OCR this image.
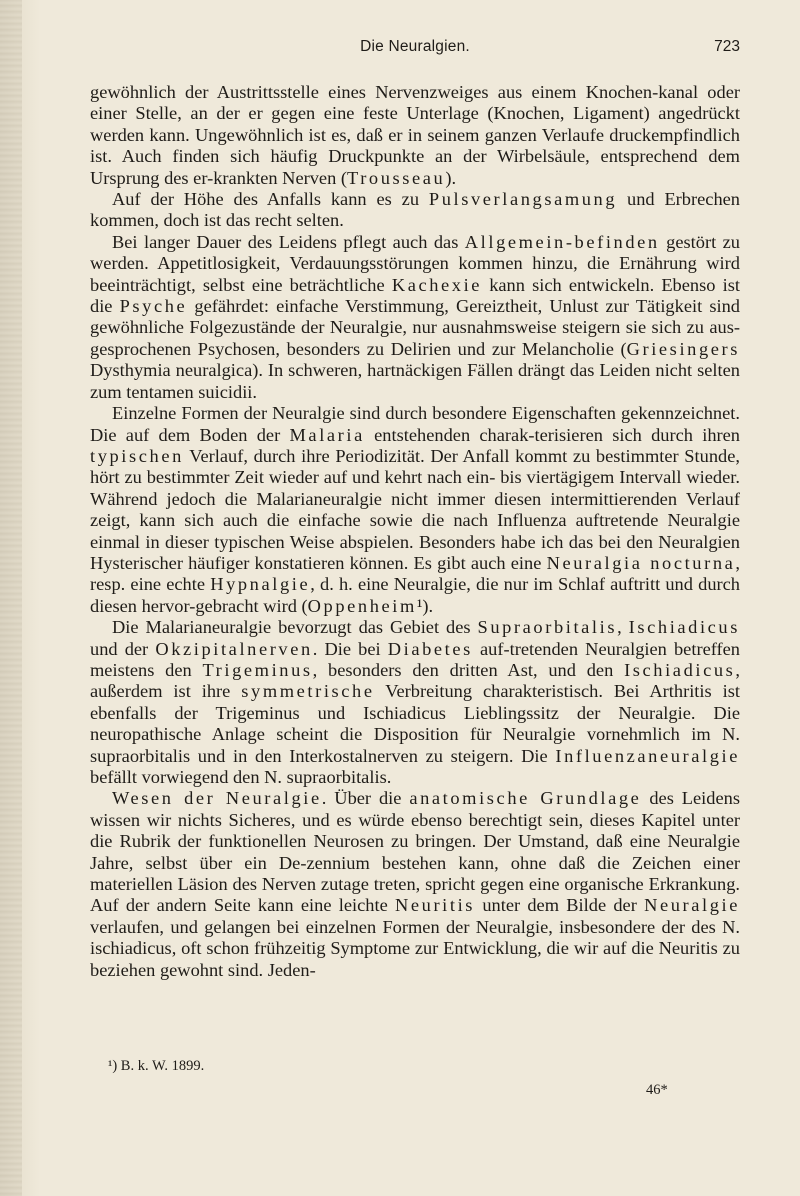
Die Neuralgien.	723

gewöhnlich der Austrittsstelle eines Nervenzweiges aus einem Knochen-kanal oder einer Stelle, an der er gegen eine feste Unterlage (Knochen, Ligament) angedrückt werden kann. Ungewöhnlich ist es, daß er in seinem ganzen Verlaufe druckempfindlich ist. Auch finden sich häufig Druckpunkte an der Wirbelsäule, entsprechend dem Ursprung des er-krankten Nerven (Trousseau).

Auf der Höhe des Anfalls kann es zu Pulsverlangsamung und Erbrechen kommen, doch ist das recht selten.

Bei langer Dauer des Leidens pflegt auch das Allgemein-befinden gestört zu werden. Appetitlosigkeit, Verdauungsstörungen kommen hinzu, die Ernährung wird beeinträchtigt, selbst eine beträchtliche Kachexie kann sich entwickeln. Ebenso ist die Psyche gefährdet: einfache Verstimmung, Gereiztheit, Unlust zur Tätigkeit sind gewöhnliche Folgezustände der Neuralgie, nur ausnahmsweise steigern sie sich zu aus-gesprochenen Psychosen, besonders zu Delirien und zur Melancholie (Griesingers Dysthymia neuralgica). In schweren, hartnäckigen Fällen drängt das Leiden nicht selten zum tentamen suicidii.

Einzelne Formen der Neuralgie sind durch besondere Eigenschaften gekennzeichnet. Die auf dem Boden der Malaria entstehenden charak-terisieren sich durch ihren typischen Verlauf, durch ihre Periodizität. Der Anfall kommt zu bestimmter Stunde, hört zu bestimmter Zeit wieder auf und kehrt nach ein- bis viertägigem Intervall wieder. Während jedoch die Malarianeuralgie nicht immer diesen intermittierenden Verlauf zeigt, kann sich auch die einfache sowie die nach Influenza auftretende Neuralgie einmal in dieser typischen Weise abspielen. Besonders habe ich das bei den Neuralgien Hysterischer häufiger konstatieren können. Es gibt auch eine Neuralgia nocturna, resp. eine echte Hypnalgie, d. h. eine Neuralgie, die nur im Schlaf auftritt und durch diesen hervor-gebracht wird (Oppenheim¹).

Die Malarianeuralgie bevorzugt das Gebiet des Supraorbitalis, Ischiadicus und der Okzipitalnerven. Die bei Diabetes auf-tretenden Neuralgien betreffen meistens den Trigeminus, besonders den dritten Ast, und den Ischiadicus, außerdem ist ihre symmetrische Verbreitung charakteristisch. Bei Arthritis ist ebenfalls der Trigeminus und Ischiadicus Lieblingssitz der Neuralgie. Die neuropathische Anlage scheint die Disposition für Neuralgie vornehmlich im N. supraorbitalis und in den Interkostalnerven zu steigern. Die Influenzaneuralgie befällt vorwiegend den N. supraorbitalis.

Wesen der Neuralgie. Über die anatomische Grundlage des Leidens wissen wir nichts Sicheres, und es würde ebenso berechtigt sein, dieses Kapitel unter die Rubrik der funktionellen Neurosen zu bringen. Der Umstand, daß eine Neuralgie Jahre, selbst über ein De-zennium bestehen kann, ohne daß die Zeichen einer materiellen Läsion des Nerven zutage treten, spricht gegen eine organische Erkrankung. Auf der andern Seite kann eine leichte Neuritis unter dem Bilde der Neuralgie verlaufen, und gelangen bei einzelnen Formen der Neuralgie, insbesondere der des N. ischiadicus, oft schon frühzeitig Symptome zur Entwicklung, die wir auf die Neuritis zu beziehen gewohnt sind. Jeden-

¹) B. k. W. 1899.
46*
